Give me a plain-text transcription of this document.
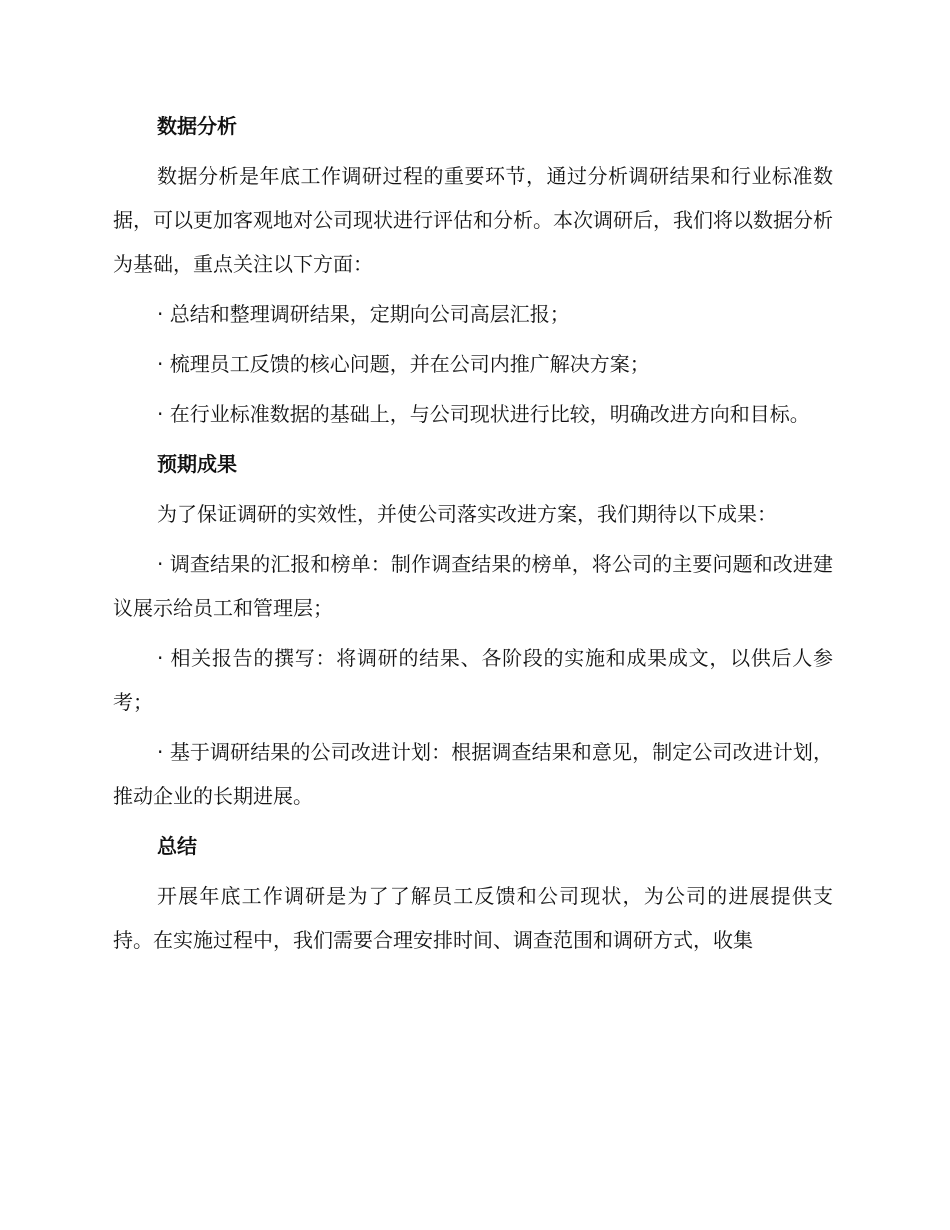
数据分析

数据分析是年底工作调研过程的重要环节，通过分析调研结果和行业标准数据，可以更加客观地对公司现状进行评估和分析。本次调研后，我们将以数据分析为基础，重点关注以下方面：

· 总结和整理调研结果，定期向公司高层汇报；

· 梳理员工反馈的核心问题，并在公司内推广解决方案；

· 在行业标准数据的基础上，与公司现状进行比较，明确改进方向和目标。

预期成果

为了保证调研的实效性，并使公司落实改进方案，我们期待以下成果：

· 调查结果的汇报和榜单：制作调查结果的榜单，将公司的主要问题和改进建议展示给员工和管理层；

· 相关报告的撰写：将调研的结果、各阶段的实施和成果成文，以供后人参考；

· 基于调研结果的公司改进计划：根据调查结果和意见，制定公司改进计划，推动企业的长期进展。

总结

开展年底工作调研是为了了解员工反馈和公司现状，为公司的进展提供支持。在实施过程中，我们需要合理安排时间、调查范围和调研方式，收集
